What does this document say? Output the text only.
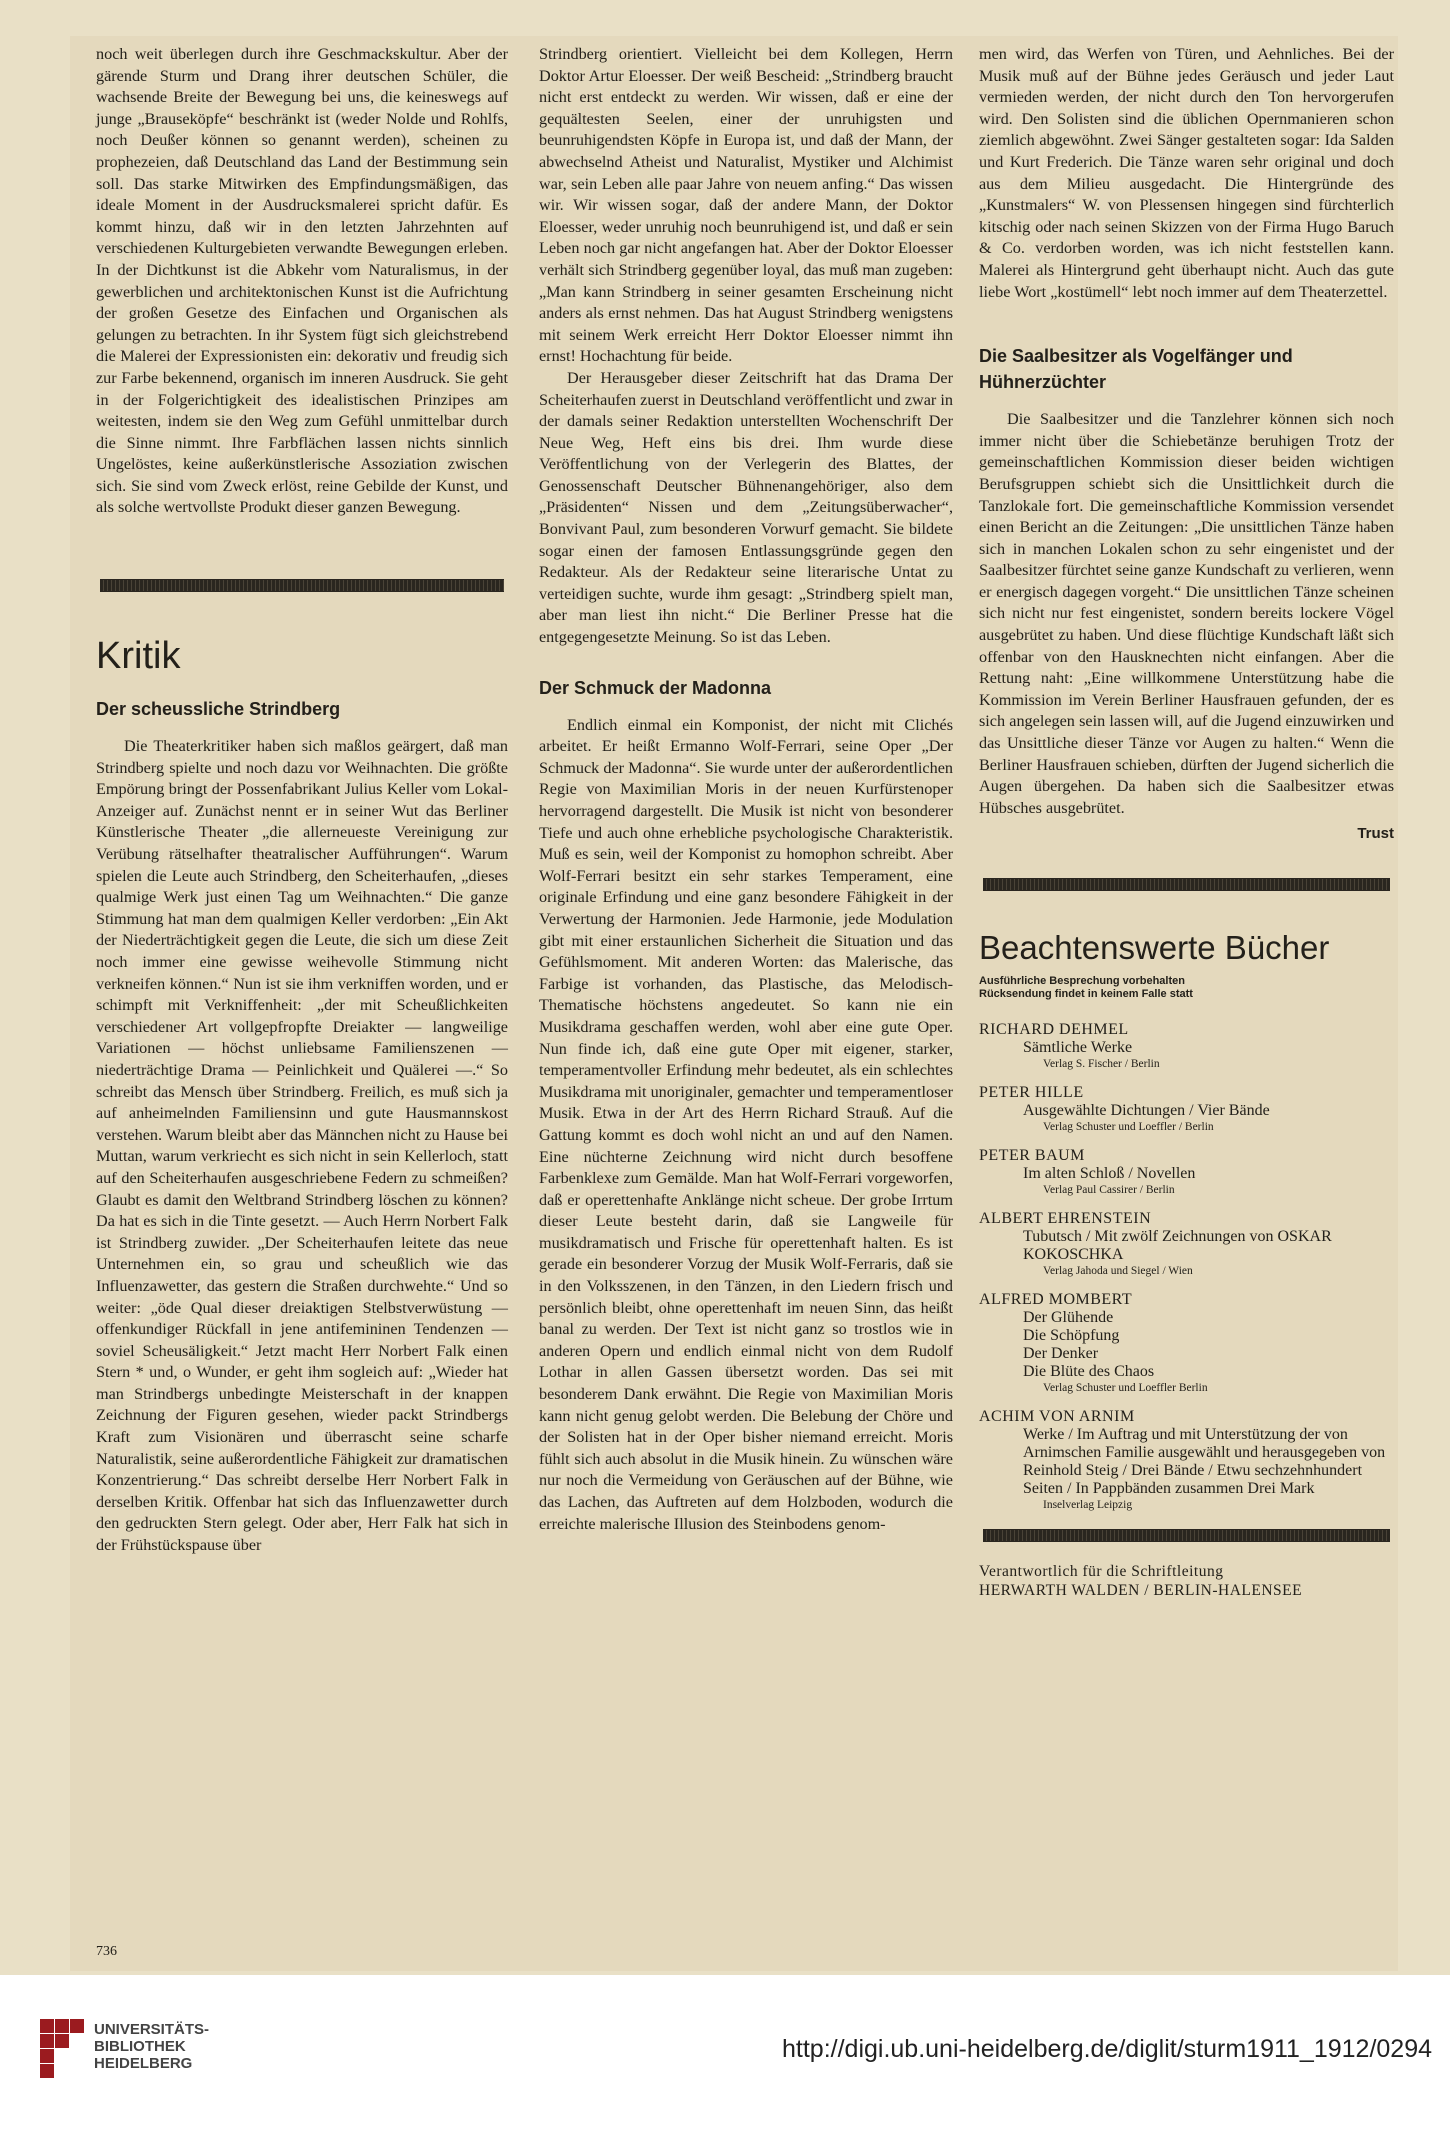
noch weit überlegen durch ihre Geschmackskultur. Aber der gärende Sturm und Drang ihrer deutschen Schüler, die wachsende Breite der Bewegung bei uns, die keineswegs auf junge „Brauseköpfe“ beschränkt ist (weder Nolde und Rohlfs, noch Deußer können so genannt werden), scheinen zu prophezeien, daß Deutschland das Land der Bestimmung sein soll. Das starke Mitwirken des Empfindungsmäßigen, das ideale Moment in der Ausdrucksmalerei spricht dafür. Es kommt hinzu, daß wir in den letzten Jahrzehnten auf verschiedenen Kulturgebieten verwandte Bewegungen erleben. In der Dichtkunst ist die Abkehr vom Naturalismus, in der gewerblichen und architektonischen Kunst ist die Aufrichtung der großen Gesetze des Einfachen und Organischen als gelungen zu betrachten. In ihr System fügt sich gleichstrebend die Malerei der Expressionisten ein: dekorativ und freudig sich zur Farbe bekennend, organisch im inneren Ausdruck. Sie geht in der Folgerichtigkeit des idealistischen Prinzipes am weitesten, indem sie den Weg zum Gefühl unmittelbar durch die Sinne nimmt. Ihre Farbflächen lassen nichts sinnlich Ungelöstes, keine außerkünstlerische Assoziation zwischen sich. Sie sind vom Zweck erlöst, reine Gebilde der Kunst, und als solche wertvollste Produkt dieser ganzen Bewegung.

Kritik
Der scheussliche Strindberg

Die Theaterkritiker haben sich maßlos geärgert, daß man Strindberg spielte und noch dazu vor Weihnachten. Die größte Empörung bringt der Possenfabrikant Julius Keller vom Lokal-Anzeiger auf. Zunächst nennt er in seiner Wut das Berliner Künstlerische Theater „die allerneueste Vereinigung zur Verübung rätselhafter theatralischer Aufführungen“. Warum spielen die Leute auch Strindberg, den Scheiterhaufen, „dieses qualmige Werk just einen Tag um Weihnachten.“ Die ganze Stimmung hat man dem qualmigen Keller verdorben: „Ein Akt der Niederträchtigkeit gegen die Leute, die sich um diese Zeit noch immer eine gewisse weihevolle Stimmung nicht verkneifen können.“ Nun ist sie ihm verkniffen worden, und er schimpft mit Verkniffenheit: „der mit Scheußlichkeiten verschiedener Art vollgepfropfte Dreiakter — langweilige Variationen — höchst unliebsame Familienszenen — niederträchtige Drama — Peinlichkeit und Quälerei —.“ So schreibt das Mensch über Strindberg. Freilich, es muß sich ja auf anheimelnden Familiensinn und gute Hausmannskost verstehen. Warum bleibt aber das Männchen nicht zu Hause bei Muttan, warum verkriecht es sich nicht in sein Kellerloch, statt auf den Scheiterhaufen ausgeschriebene Federn zu schmeißen? Glaubt es damit den Weltbrand Strindberg löschen zu können? Da hat es sich in die Tinte gesetzt. — Auch Herrn Norbert Falk ist Strindberg zuwider. „Der Scheiterhaufen leitete das neue Unternehmen ein, so grau und scheußlich wie das Influenzawetter, das gestern die Straßen durchwehte.“ Und so weiter: „öde Qual dieser dreiaktigen Stelbstverwüstung — offenkundiger Rückfall in jene antifemininen Tendenzen — soviel Scheusäligkeit.“ Jetzt macht Herr Norbert Falk einen Stern * und, o Wunder, er geht ihm sogleich auf: „Wieder hat man Strindbergs unbedingte Meisterschaft in der knappen Zeichnung der Figuren gesehen, wieder packt Strindbergs Kraft zum Visionären und überrascht seine scharfe Naturalistik, seine außerordentliche Fähigkeit zur dramatischen Konzentrierung.“ Das schreibt derselbe Herr Norbert Falk in derselben Kritik. Offenbar hat sich das Influenzawetter durch den gedruckten Stern gelegt. Oder aber, Herr Falk hat sich in der Frühstückspause über

Strindberg orientiert. Vielleicht bei dem Kollegen, Herrn Doktor Artur Eloesser. Der weiß Bescheid: „Strindberg braucht nicht erst entdeckt zu werden. Wir wissen, daß er eine der gequältesten Seelen, einer der unruhigsten und beunruhigendsten Köpfe in Europa ist, und daß der Mann, der abwechselnd Atheist und Naturalist, Mystiker und Alchimist war, sein Leben alle paar Jahre von neuem anfing.“ Das wissen wir. Wir wissen sogar, daß der andere Mann, der Doktor Eloesser, weder unruhig noch beunruhigend ist, und daß er sein Leben noch gar nicht angefangen hat. Aber der Doktor Eloesser verhält sich Strindberg gegenüber loyal, das muß man zugeben: „Man kann Strindberg in seiner gesamten Erscheinung nicht anders als ernst nehmen. Das hat August Strindberg wenigstens mit seinem Werk erreicht Herr Doktor Eloesser nimmt ihn ernst! Hochachtung für beide.

Der Herausgeber dieser Zeitschrift hat das Drama Der Scheiterhaufen zuerst in Deutschland veröffentlicht und zwar in der damals seiner Redaktion unterstellten Wochenschrift Der Neue Weg, Heft eins bis drei. Ihm wurde diese Veröffentlichung von der Verlegerin des Blattes, der Genossenschaft Deutscher Bühnenangehöriger, also dem „Präsidenten“ Nissen und dem „Zeitungsüberwacher“, Bonvivant Paul, zum besonderen Vorwurf gemacht. Sie bildete sogar einen der famosen Entlassungsgründe gegen den Redakteur. Als der Redakteur seine literarische Untat zu verteidigen suchte, wurde ihm gesagt: „Strindberg spielt man, aber man liest ihn nicht.“ Die Berliner Presse hat die entgegengesetzte Meinung. So ist das Leben.

Der Schmuck der Madonna

Endlich einmal ein Komponist, der nicht mit Clichés arbeitet. Er heißt Ermanno Wolf-Ferrari, seine Oper „Der Schmuck der Madonna“. Sie wurde unter der außerordentlichen Regie von Maximilian Moris in der neuen Kurfürstenoper hervorragend dargestellt. Die Musik ist nicht von besonderer Tiefe und auch ohne erhebliche psychologische Charakteristik. Muß es sein, weil der Komponist zu homophon schreibt. Aber Wolf-Ferrari besitzt ein sehr starkes Temperament, eine originale Erfindung und eine ganz besondere Fähigkeit in der Verwertung der Harmonien. Jede Harmonie, jede Modulation gibt mit einer erstaunlichen Sicherheit die Situation und das Gefühlsmoment. Mit anderen Worten: das Malerische, das Farbige ist vorhanden, das Plastische, das Melodisch-Thematische höchstens angedeutet. So kann nie ein Musikdrama geschaffen werden, wohl aber eine gute Oper. Nun finde ich, daß eine gute Oper mit eigener, starker, temperamentvoller Erfindung mehr bedeutet, als ein schlechtes Musikdrama mit unoriginaler, gemachter und temperamentloser Musik. Etwa in der Art des Herrn Richard Strauß. Auf die Gattung kommt es doch wohl nicht an und auf den Namen. Eine nüchterne Zeichnung wird nicht durch besoffene Farbenklexe zum Gemälde. Man hat Wolf-Ferrari vorgeworfen, daß er operettenhafte Anklänge nicht scheue. Der grobe Irrtum dieser Leute besteht darin, daß sie Langweile für musikdramatisch und Frische für operettenhaft halten. Es ist gerade ein besonderer Vorzug der Musik Wolf-Ferraris, daß sie in den Volksszenen, in den Tänzen, in den Liedern frisch und persönlich bleibt, ohne operettenhaft im neuen Sinn, das heißt banal zu werden. Der Text ist nicht ganz so trostlos wie in anderen Opern und endlich einmal nicht von dem Rudolf Lothar in allen Gassen übersetzt worden. Das sei mit besonderem Dank erwähnt. Die Regie von Maximilian Moris kann nicht genug gelobt werden. Die Belebung der Chöre und der Solisten hat in der Oper bisher niemand erreicht. Moris fühlt sich auch absolut in die Musik hinein. Zu wünschen wäre nur noch die Vermeidung von Geräuschen auf der Bühne, wie das Lachen, das Auftreten auf dem Holzboden, wodurch die erreichte malerische Illusion des Steinbodens genom-

men wird, das Werfen von Türen, und Aehnliches. Bei der Musik muß auf der Bühne jedes Geräusch und jeder Laut vermieden werden, der nicht durch den Ton hervorgerufen wird. Den Solisten sind die üblichen Opernmanieren schon ziemlich abgewöhnt. Zwei Sänger gestalteten sogar: Ida Salden und Kurt Frederich. Die Tänze waren sehr original und doch aus dem Milieu ausgedacht. Die Hintergründe des „Kunstmalers“ W. von Plessensen hingegen sind fürchterlich kitschig oder nach seinen Skizzen von der Firma Hugo Baruch & Co. verdorben worden, was ich nicht feststellen kann. Malerei als Hintergrund geht überhaupt nicht. Auch das gute liebe Wort „kostümell“ lebt noch immer auf dem Theaterzettel.

Die Saalbesitzer als Vogelfänger und Hühnerzüchter

Die Saalbesitzer und die Tanzlehrer können sich noch immer nicht über die Schiebetänze beruhigen Trotz der gemeinschaftlichen Kommission dieser beiden wichtigen Berufsgruppen schiebt sich die Unsittlichkeit durch die Tanzlokale fort. Die gemeinschaftliche Kommission versendet einen Bericht an die Zeitungen: „Die unsittlichen Tänze haben sich in manchen Lokalen schon zu sehr eingenistet und der Saalbesitzer fürchtet seine ganze Kundschaft zu verlieren, wenn er energisch dagegen vorgeht.“ Die unsittlichen Tänze scheinen sich nicht nur fest eingenistet, sondern bereits lockere Vögel ausgebrütet zu haben. Und diese flüchtige Kundschaft läßt sich offenbar von den Hausknechten nicht einfangen. Aber die Rettung naht: „Eine willkommene Unterstützung habe die Kommission im Verein Berliner Hausfrauen gefunden, der es sich angelegen sein lassen will, auf die Jugend einzuwirken und das Unsittliche dieser Tänze vor Augen zu halten.“ Wenn die Berliner Hausfrauen schieben, dürften der Jugend sicherlich die Augen übergehen. Da haben sich die Saalbesitzer etwas Hübsches ausgebrütet.

Trust
Beachtenswerte Bücher
Ausführliche Besprechung vorbehalten
Rücksendung findet in keinem Falle statt
RICHARD DEHMEL
Sämtliche Werke
Verlag S. Fischer / Berlin
PETER HILLE
Ausgewählte Dichtungen / Vier Bände
Verlag Schuster und Loeffler / Berlin
PETER BAUM
Im alten Schloß / Novellen
Verlag Paul Cassirer / Berlin
ALBERT EHRENSTEIN
Tubutsch / Mit zwölf Zeichnungen von OSKAR KOKOSCHKA
Verlag Jahoda und Siegel / Wien
ALFRED MOMBERT
Der Glühende
Die Schöpfung
Der Denker
Die Blüte des Chaos
Verlag Schuster und Loeffler Berlin
ACHIM VON ARNIM
Werke / Im Auftrag und mit Unterstützung der von Arnimschen Familie ausgewählt und herausgegeben von Reinhold Steig / Drei Bände / Etwu sechzehnhundert Seiten / In Pappbänden zusammen Drei Mark
Inselverlag Leipzig
Verantwortlich für die Schriftleitung
HERWARTH WALDEN / BERLIN-HALENSEE
736
UNIVERSITÄTS-
BIBLIOTHEK
HEIDELBERG
http://digi.ub.uni-heidelberg.de/diglit/sturm1911_1912/0294
